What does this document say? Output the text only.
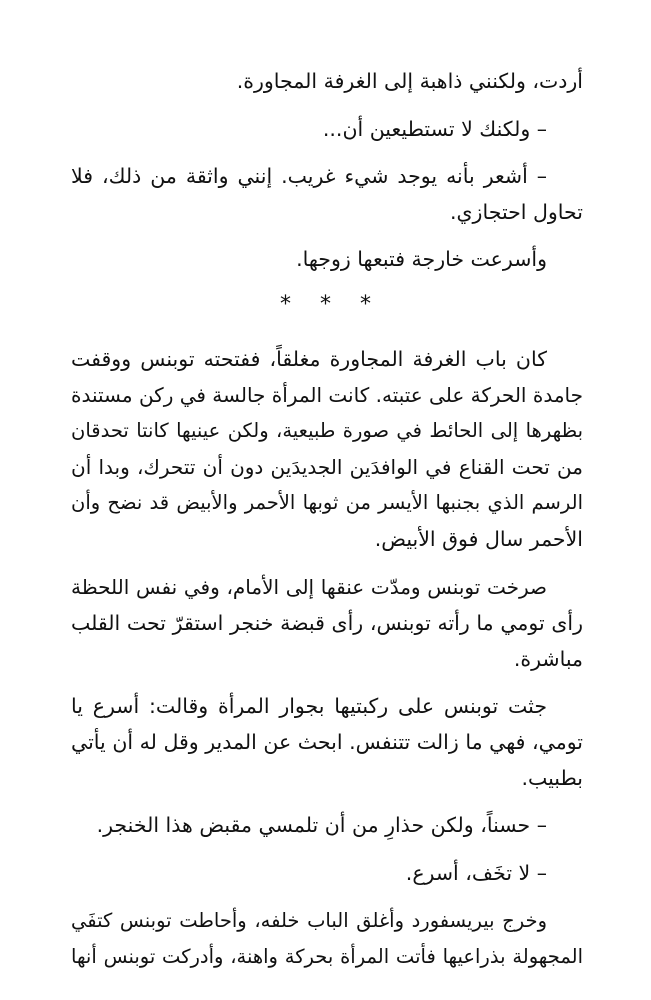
أردت، ولكنني ذاهبة إلى الغرفة المجاورة.

– ولكنك لا تستطيعين أن...

– أشعر بأنه يوجد شيء غريب. إنني واثقة من ذلك، فلا

تحاول احتجازي.

وأسرعت خارجة فتبعها زوجها.

* * *

كان باب الغرفة المجاورة مغلقاً، ففتحته توبنس ووقفت

جامدة الحركة على عتبته. كانت المرأة جالسة في ركن مستندة

بظهرها إلى الحائط في صورة طبيعية، ولكن عينيها كانتا تحدقان

من تحت القناع في الوافدَين الجديدَين دون أن تتحرك، وبدا أن

الرسم الذي بجنبها الأيسر من ثوبها الأحمر والأبيض قد نضح وأن

الأحمر سال فوق الأبيض.

صرخت توبنس ومدّت عنقها إلى الأمام، وفي نفس اللحظة

رأى تومي ما رأته توبنس، رأى قبضة خنجر استقرّ تحت القلب

مباشرة.

جثت توبنس على ركبتيها بجوار المرأة وقالت: أسرع يا

تومي، فهي ما زالت تتنفس. ابحث عن المدير وقل له أن يأتي

بطبيب.

– حسناً، ولكن حذارِ من أن تلمسي مقبض هذا الخنجر.

– لا تخَف، أسرع.

وخرج بيريسفورد وأغلق الباب خلفه، وأحاطت توبنس كتفَي

المجهولة بذراعيها فأتت المرأة بحركة واهنة، وأدركت توبنس أنها
